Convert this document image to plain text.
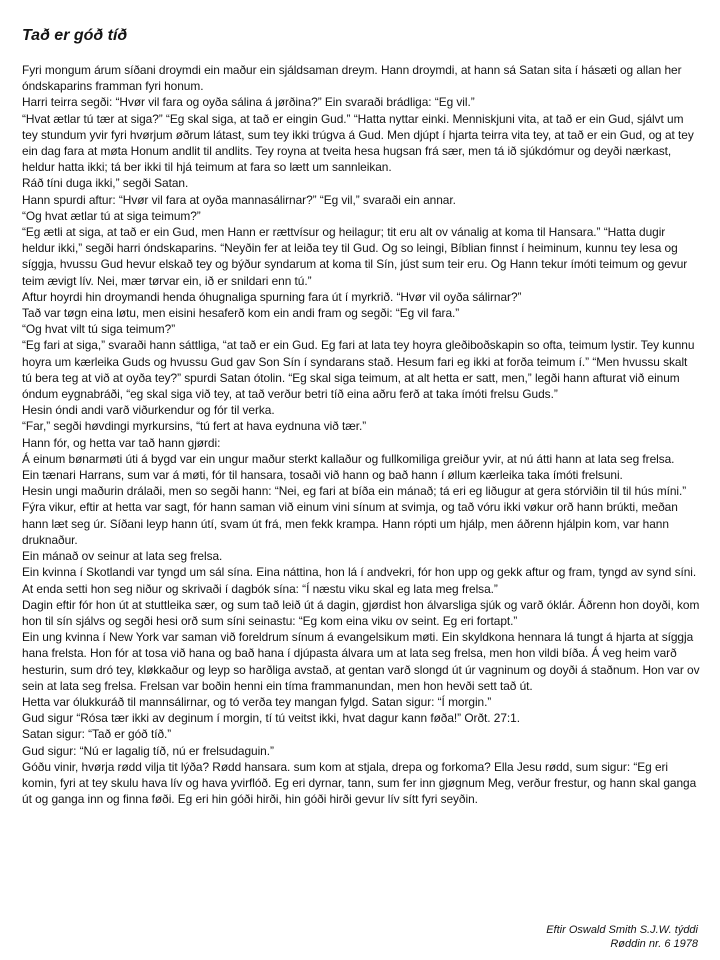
Tað er góð tíð

Fyri mongum árum síðani droymdi ein maður ein sjáldsaman dreym. Hann droymdi, at hann sá Satan sita í hásæti og allan her óndskaparins framman fyri honum.

Harri teirra segði: “Hvør vil fara og oyða sálina á jørðina?” Ein svaraði brádliga: “Eg vil.”

“Hvat ætlar tú tær at siga?” “Eg skal siga, at tað er eingin Gud.” “Hatta nyttar einki. Menniskjuni vita, at tað er ein Gud, sjálvt um tey stundum yvir fyri hvørjum øðrum látast, sum tey ikki trúgva á Gud. Men djúpt í hjarta teirra vita tey, at tað er ein Gud, og at tey ein dag fara at møta Honum andlit til andlits. Tey royna at tveita hesa hugsan frá sær, men tá ið sjúkdómur og deyði nærkast, heldur hatta ikki; tá ber ikki til hjá teimum at fara so lætt um sannleikan.

Ráð tíni duga ikki,” segði Satan.

Hann spurdi aftur: “Hvør vil fara at oyða mannasálirnar?” “Eg vil,” svaraði ein annar.

“Og hvat ætlar tú at siga teimum?”

“Eg ætli at siga, at tað er ein Gud, men Hann er rættvísur og heilagur; tit eru alt ov vánalig at koma til Hansara.” “Hatta dugir heldur ikki,” segði harri óndskaparins. “Neyðin fer at leiða tey til Gud. Og so leingi, Bíblian finnst í heiminum, kunnu tey lesa og síggja, hvussu Gud hevur elskað tey og býður syndarum at koma til Sín, júst sum teir eru. Og Hann tekur ímóti teimum og gevur teim ævigt lív. Nei, mær tørvar ein, ið er snildari enn tú.”

Aftur hoyrdi hin droymandi henda óhugnaliga spurning fara út í myrkrið. “Hvør vil oyða sálirnar?”

Tað var tøgn eina løtu, men eisini hesaferð kom ein andi fram og segði: “Eg vil fara.”

“Og hvat vilt tú siga teimum?”

“Eg fari at siga,” svaraði hann sáttliga, “at tað er ein Gud. Eg fari at lata tey hoyra gleðiboðskapin so ofta, teimum lystir. Tey kunnu hoyra um kærleika Guds og hvussu Gud gav Son Sín í syndarans stað. Hesum fari eg ikki at forða teimum í.” “Men hvussu skalt tú bera teg at við at oyða tey?” spurdi Satan ótolin. “Eg skal siga teimum, at alt hetta er satt, men,” legði hann afturat við einum óndum eygnabráði, “eg skal siga við tey, at tað verður betri tíð eina aðru ferð at taka ímóti frelsu Guds.”

Hesin óndi andi varð viðurkendur og fór til verka.

“Far,” segði høvdingi myrkursins, “tú fert at hava eydnuna við tær.”

Hann fór, og hetta var tað hann gjørdi:

Á einum bønarmøti úti á bygd var ein ungur maður sterkt kallaður og fullkomiliga greiður yvir, at nú átti hann at lata seg frelsa.

Ein tænari Harrans, sum var á møti, fór til hansara, tosaði við hann og bað hann í øllum kærleika taka ímóti frelsuni.

Hesin ungi maðurin drálaði, men so segði hann: “Nei, eg fari at bíða ein mánað; tá eri eg liðugur at gera stórviðin til til hús míni.”

Fýra vikur, eftir at hetta var sagt, fór hann saman við einum vini sínum at svimja, og tað vóru ikki vøkur orð hann brúkti, meðan hann læt seg úr. Síðani leyp hann útí, svam út frá, men fekk krampa. Hann rópti um hjálp, men áðrenn hjálpin kom, var hann druknaður.

Ein mánað ov seinur at lata seg frelsa.

Ein kvinna í Skotlandi var tyngd um sál sína. Eina náttina, hon lá í andvekri, fór hon upp og gekk aftur og fram, tyngd av synd síni. At enda setti hon seg niður og skrivaði í dagbók sína: “Í næstu viku skal eg lata meg frelsa.”

Dagin eftir fór hon út at stuttleika sær, og sum tað leið út á dagin, gjørdist hon álvarsliga sjúk og varð óklár. Áðrenn hon doyði, kom hon til sín sjálvs og segði hesi orð sum síni seinastu: “Eg kom eina viku ov seint. Eg eri fortapt.”

Ein ung kvinna í New York var saman við foreldrum sínum á evangelsikum møti. Ein skyldkona hennara lá tungt á hjarta at síggja hana frelsta. Hon fór at tosa við hana og bað hana í djúpasta álvara um at lata seg frelsa, men hon vildi bíða. Á veg heim varð hesturin, sum dró tey, kløkkaður og leyp so harðliga avstað, at gentan varð slongd út úr vagninum og doyði á staðnum. Hon var ov sein at lata seg frelsa. Frelsan var boðin henni ein tíma frammanundan, men hon hevði sett tað út.

Hetta var ólukkuráð til mannsálirnar, og tó verða tey mangan fylgd. Satan sigur: “Í morgin.”

Gud sigur “Rósa tær ikki av deginum í morgin, tí tú veitst ikki, hvat dagur kann føða!” Orðt. 27:1.

Satan sigur: “Tað er góð tíð.”

Gud sigur: “Nú er lagalig tíð, nú er frelsudaguin.”

Góðu vinir, hvørja rødd vilja tit lýða? Rødd hansara. sum kom at stjala, drepa og forkoma? Ella Jesu rødd, sum sigur: “Eg eri komin, fyri at tey skulu hava lív og hava yvirflóð. Eg eri dyrnar, tann, sum fer inn gjøgnum Meg, verður frestur, og hann skal ganga út og ganga inn og finna føði. Eg eri hin góði hirði, hin góði hirði gevur lív sítt fyri seyðin.

Eftir Oswald Smith S.J.W. týddi
Røddin nr. 6 1978
